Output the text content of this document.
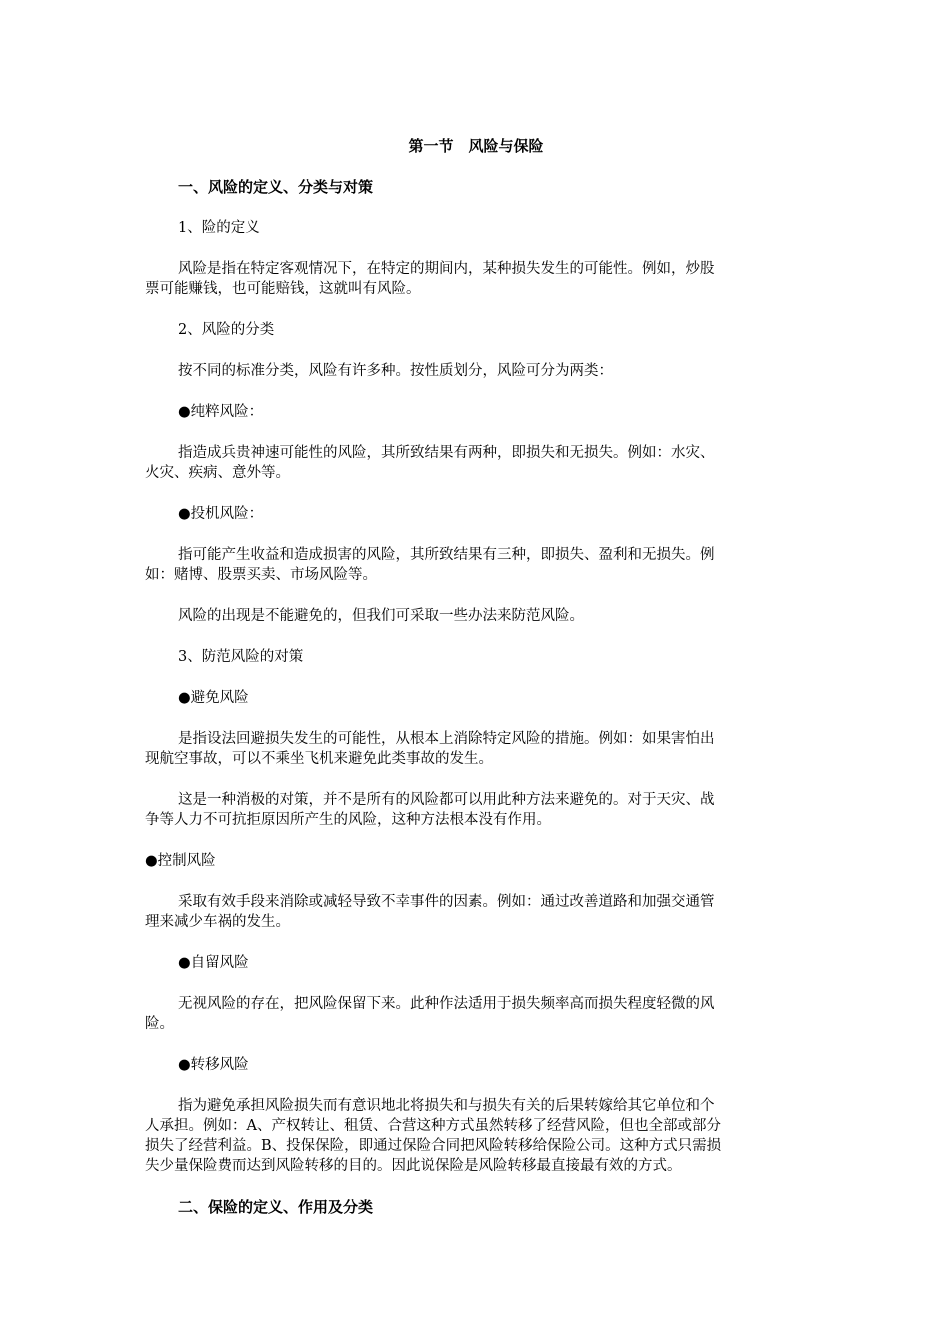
第一节　风险与保险
一、风险的定义、分类与对策
1、险的定义
风险是指在特定客观情况下，在特定的期间内，某种损失发生的可能性。例如，炒股
票可能赚钱，也可能赔钱，这就叫有风险。
2、风险的分类
按不同的标准分类，风险有许多种。按性质划分，风险可分为两类：
●纯粹风险：
指造成兵贵神速可能性的风险，其所致结果有两种，即损失和无损失。例如：水灾、
火灾、疾病、意外等。
●投机风险：
指可能产生收益和造成损害的风险，其所致结果有三种，即损失、盈利和无损失。例
如：赌博、股票买卖、市场风险等。
风险的出现是不能避免的，但我们可采取一些办法来防范风险。
3、防范风险的对策
●避免风险
是指设法回避损失发生的可能性，从根本上消除特定风险的措施。例如：如果害怕出
现航空事故，可以不乘坐飞机来避免此类事故的发生。
这是一种消极的对策，并不是所有的风险都可以用此种方法来避免的。对于天灾、战
争等人力不可抗拒原因所产生的风险，这种方法根本没有作用。
●控制风险
采取有效手段来消除或减轻导致不幸事件的因素。例如：通过改善道路和加强交通管
理来减少车祸的发生。
●自留风险
无视风险的存在，把风险保留下来。此种作法适用于损失频率高而损失程度轻微的风
险。
●转移风险
指为避免承担风险损失而有意识地北将损失和与损失有关的后果转嫁给其它单位和个
人承担。例如：A、产权转让、租赁、合营这种方式虽然转移了经营风险，但也全部或部分
损失了经营利益。B、投保保险，即通过保险合同把风险转移给保险公司。这种方式只需损
失少量保险费而达到风险转移的目的。因此说保险是风险转移最直接最有效的方式。
二、保险的定义、作用及分类
